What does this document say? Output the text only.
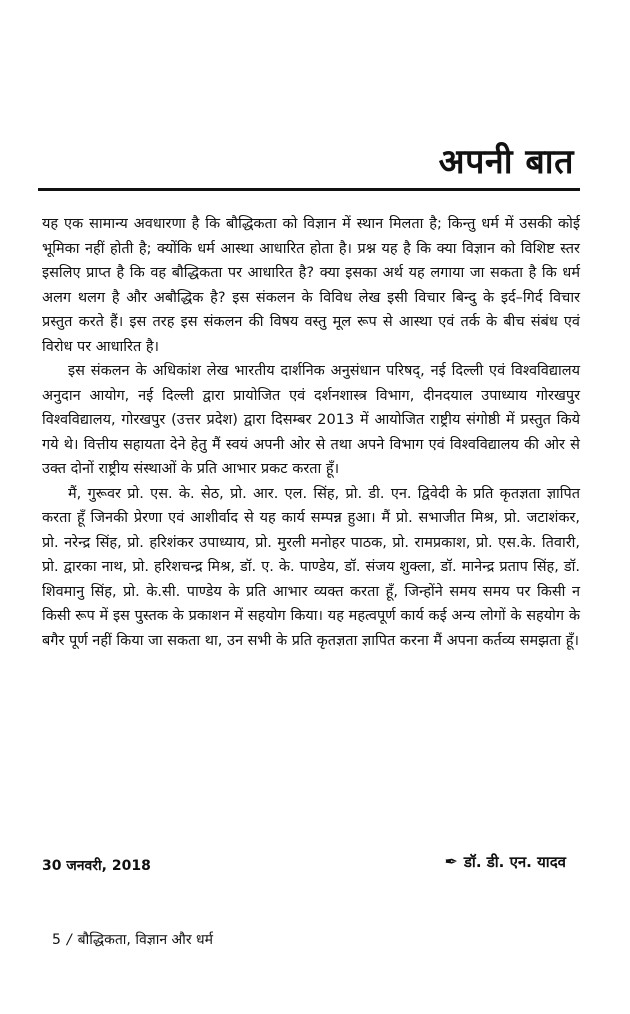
अपनी बात

यह एक सामान्य अवधारणा है कि बौद्धिकता को विज्ञान में स्थान मिलता है; किन्तु धर्म में उसकी कोई भूमिका नहीं होती है; क्योंकि धर्म आस्था आधारित होता है। प्रश्न यह है कि क्या विज्ञान को विशिष्ट स्तर इसलिए प्राप्त है कि वह बौद्धिकता पर आधारित है? क्या इसका अर्थ यह लगाया जा सकता है कि धर्म अलग थलग है और अबौद्धिक है? इस संकलन के विविध लेख इसी विचार बिन्दु के इर्द–गिर्द विचार प्रस्तुत करते हैं। इस तरह इस संकलन की विषय वस्तु मूल रूप से आस्था एवं तर्क के बीच संबंध एवं विरोध पर आधारित है।

इस संकलन के अधिकांश लेख भारतीय दार्शनिक अनुसंधान परिषद्, नई दिल्ली एवं विश्वविद्यालय अनुदान आयोग, नई दिल्ली द्वारा प्रायोजित एवं दर्शनशास्त्र विभाग, दीनदयाल उपाध्याय गोरखपुर विश्वविद्यालय, गोरखपुर (उत्तर प्रदेश) द्वारा दिसम्बर 2013 में आयोजित राष्ट्रीय संगोष्ठी में प्रस्तुत किये गये थे। वित्तीय सहायता देने हेतु मैं स्वयं अपनी ओर से तथा अपने विभाग एवं विश्वविद्यालय की ओर से उक्त दोनों राष्ट्रीय संस्थाओं के प्रति आभार प्रकट करता हूँ।

मैं, गुरूवर प्रो. एस. के. सेठ, प्रो. आर. एल. सिंह, प्रो. डी. एन. द्विवेदी के प्रति कृतज्ञता ज्ञापित करता हूँ जिनकी प्रेरणा एवं आशीर्वाद से यह कार्य सम्पन्न हुआ। मैं प्रो. सभाजीत मिश्र, प्रो. जटाशंकर, प्रो. नरेन्द्र सिंह, प्रो. हरिशंकर उपाध्याय, प्रो. मुरली मनोहर पाठक, प्रो. रामप्रकाश, प्रो. एस.के. तिवारी, प्रो. द्वारका नाथ, प्रो. हरिशचन्द्र मिश्र, डॉ. ए. के. पाण्डेय, डॉ. संजय शुक्ला, डॉ. मानेन्द्र प्रताप सिंह, डॉ. शिवमानु सिंह, प्रो. के.सी. पाण्डेय के प्रति आभार व्यक्त करता हूँ, जिन्होंने समय समय पर किसी न किसी रूप में इस पुस्तक के प्रकाशन में सहयोग किया। यह महत्वपूर्ण कार्य कई अन्य लोगों के सहयोग के बगैर पूर्ण नहीं किया जा सकता था, उन सभी के प्रति कृतज्ञता ज्ञापित करना मैं अपना कर्तव्य समझता हूँ।

30 जनवरी, 2018	✒ डॉ. डी. एन. यादव
5 / बौद्धिकता, विज्ञान और धर्म
